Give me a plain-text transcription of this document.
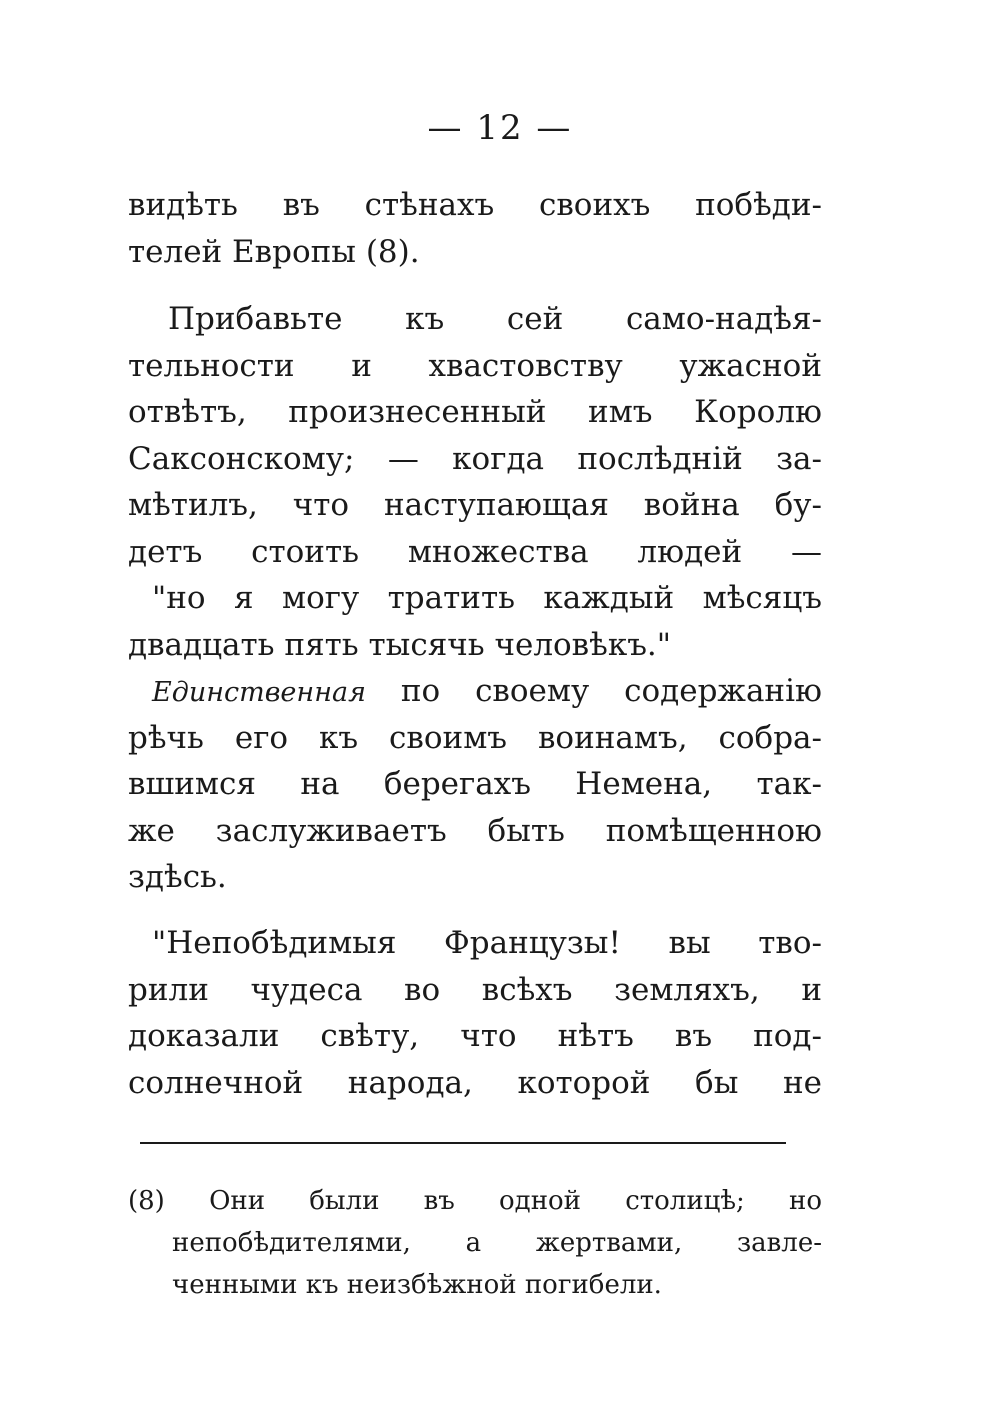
— 12 —
видѣть въ стѣнахъ своихъ побѣди-
телей Европы (8).
Прибавьте къ сей само-надѣя-
тельности и хвастовству ужасной
отвѣтъ, произнесенный имъ Королю
Саксонскому; — когда послѣдній за-
мѣтилъ, что наступающая война бу-
детъ стоить множества людей —
"но я могу тратить каждый мѣсяцъ
двадцать пять тысячь человѣкъ."
Единственная по своему содержанію
рѣчь его къ своимъ воинамъ, собра-
вшимся на берегахъ Немена, так-
же заслуживаетъ быть помѣщенною
здѣсь.
"Непобѣдимыя Французы! вы тво-
рили чудеса во всѣхъ земляхъ, и
доказали свѣту, что нѣтъ въ под-
солнечной народа, которой бы не
(8) Они были въ одной столицѣ; но
непобѣдителями, а жертвами, завле-
ченными къ неизбѣжной погибели.
